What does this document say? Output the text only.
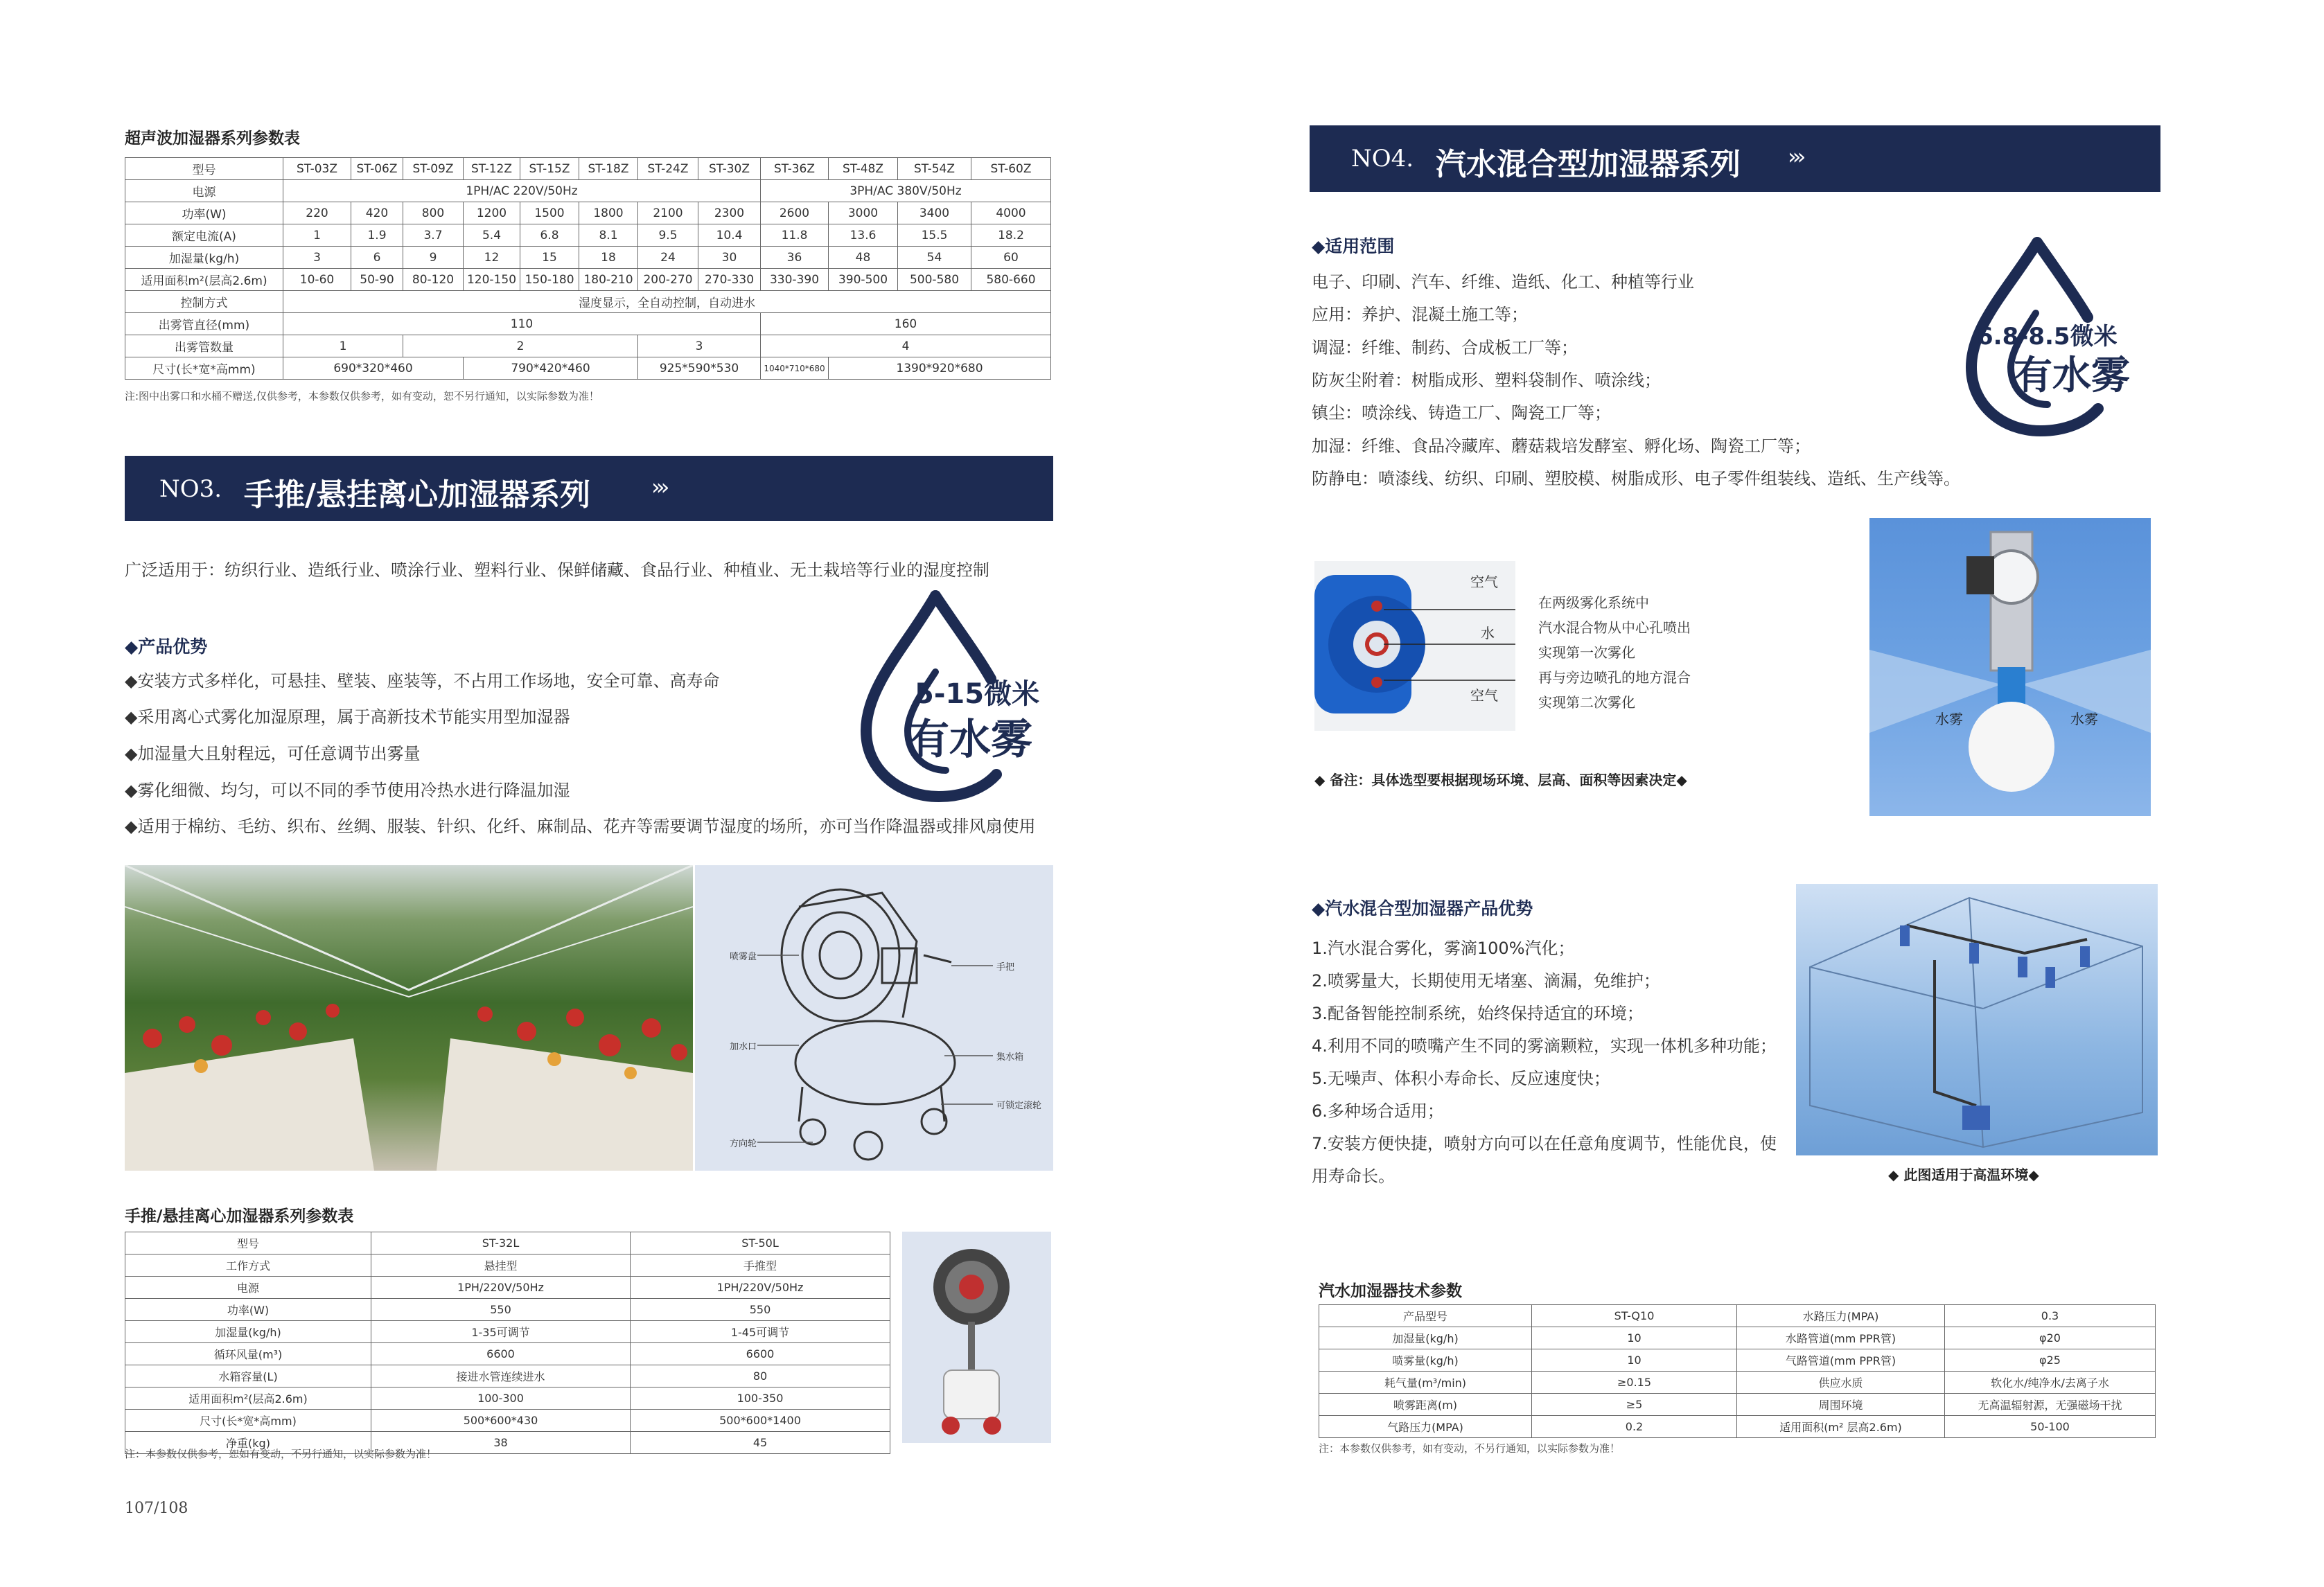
超声波加湿器系列参数表
型号	ST-03Z	ST-06Z	ST-09Z	ST-12Z	ST-15Z	ST-18Z	ST-24Z	ST-30Z	ST-36Z	ST-48Z	ST-54Z	ST-60Z
电源	1PH/AC 220V/50Hz								3PH/AC 380V/50Hz			
功率(W)	220	420	800	1200	1500	1800	2100	2300	2600	3000	3400	4000
额定电流(A)	1	1.9	3.7	5.4	6.8	8.1	9.5	10.4	11.8	13.6	15.5	18.2
加湿量(kg/h)	3	6	9	12	15	18	24	30	36	48	54	60
适用面积m²(层高2.6m)	10-60	50-90	80-120	120-150	150-180	180-210	200-270	270-330	330-390	390-500	500-580	580-660
控制方式	湿度显示，全自动控制，自动进水											
出雾管直径(mm)	110								160			
出雾管数量	1		2				3		4			
尺寸(长*宽*高mm)	690*320*460			790*420*460			925*590*530		1040*710*680	1390*920*680		
注:图中出雾口和水桶不赠送,仅供参考，本参数仅供参考，如有变动，恕不另行通知，以实际参数为准！
NO3. 手推/悬挂离心加湿器系列	›››
广泛适用于：纺织行业、造纸行业、喷涂行业、塑料行业、保鲜储藏、食品行业、种植业、无土栽培等行业的湿度控制
◆产品优势
◆安装方式多样化，可悬挂、壁装、座装等，不占用工作场地，安全可靠、高寿命
◆采用离心式雾化加湿原理，属于高新技术节能实用型加湿器
◆加湿量大且射程远，可任意调节出雾量
◆雾化细微、均匀，可以不同的季节使用冷热水进行降温加湿
◆适用于棉纺、毛纺、织布、丝绸、服装、针织、化纤、麻制品、花卉等需要调节湿度的场所，亦可当作降温器或排风扇使用
5-15微米
有水雾
喷雾盘
手把
加水口
集水箱
可锁定滚轮
方向轮
手推/悬挂离心加湿器系列参数表
型号	ST-32L	ST-50L
工作方式	悬挂型	手推型
电源	1PH/220V/50Hz	1PH/220V/50Hz
功率(W)	550	550
加湿量(kg/h)	1-35可调节	1-45可调节
循环风量(m³)	6600	6600
水箱容量(L)	接进水管连续进水	80
适用面积m²(层高2.6m)	100-300	100-350
尺寸(长*宽*高mm)	500*600*430	500*600*1400
净重(kg)	38	45
注：本参数仅供参考，恕如有变动，不另行通知，以实际参数为准！
107/108
NO4. 汽水混合型加湿器系列 ›››
◆适用范围
电子、印刷、汽车、纤维、造纸、化工、种植等行业
应用：养护、混凝土施工等；
调湿：纤维、制药、合成板工厂等；
防灰尘附着：树脂成形、塑料袋制作、喷涂线；
镇尘：喷涂线、铸造工厂、陶瓷工厂等；
加湿：纤维、食品冷藏库、蘑菇栽培发酵室、孵化场、陶瓷工厂等；
防静电：喷漆线、纺织、印刷、塑胶模、树脂成形、电子零件组装线、造纸、生产线等。
6.8-8.5微米
有水雾
空气
水
空气
在两级雾化系统中
汽水混合物从中心孔喷出
实现第一次雾化
再与旁边喷孔的地方混合
实现第二次雾化
◆ 备注：具体选型要根据现场环境、层高、面积等因素决定◆
水雾	水雾
◆汽水混合型加湿器产品优势
1.汽水混合雾化，雾滴100%汽化；
2.喷雾量大，长期使用无堵塞、滴漏，免维护；
3.配备智能控制系统，始终保持适宜的环境；
4.利用不同的喷嘴产生不同的雾滴颗粒，实现一体机多种功能；
5.无噪声、体积小寿命长、反应速度快；
6.多种场合适用；
7.安装方便快捷，喷射方向可以在任意角度调节，性能优良，使
用寿命长。	◆ 此图适用于高温环境◆
汽水加湿器技术参数
产品型号	ST-Q10	水路压力(MPA)	0.3
加湿量(kg/h)	10	水路管道(mm PPR管)	φ20
喷雾量(kg/h)	10	气路管道(mm PPR管)	φ25
耗气量(m³/min)	≥0.15	供应水质	软化水/纯净水/去离子水
喷雾距离(m)	≥5	周围环境	无高温辐射源，无强磁场干扰
气路压力(MPA)	0.2	适用面积(m² 层高2.6m)	50-100
注：本参数仅供参考，如有变动，不另行通知，以实际参数为准！
